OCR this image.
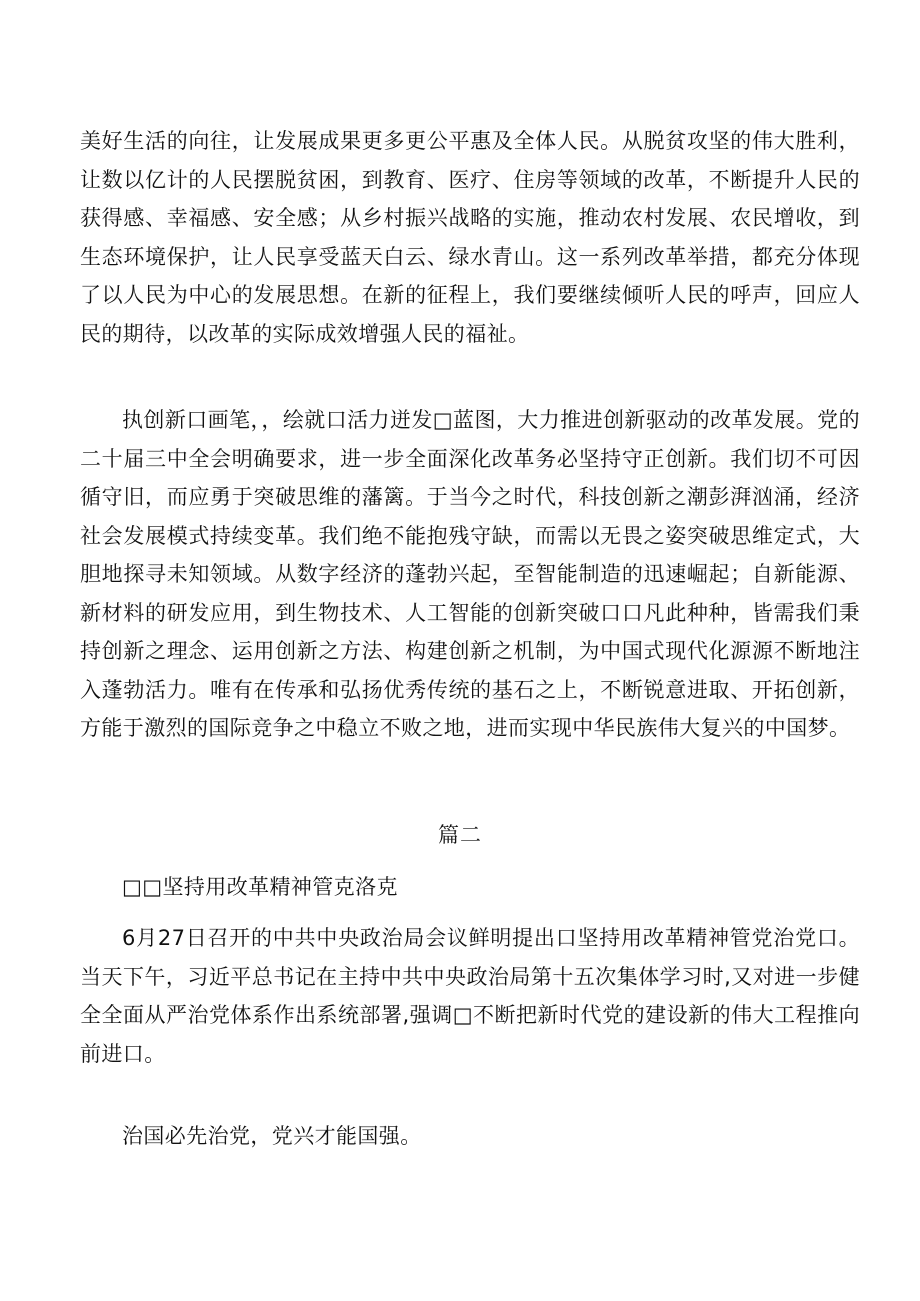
美好生活的向往，让发展成果更多更公平惠及全体人民。从脱贫攻坚的伟大胜利，让数以亿计的人民摆脱贫困，到教育、医疗、住房等领域的改革，不断提升人民的获得感、幸福感、安全感；从乡村振兴战略的实施，推动农村发展、农民增收，到生态环境保护，让人民享受蓝天白云、绿水青山。这一系列改革举措，都充分体现了以人民为中心的发展思想。在新的征程上，我们要继续倾听人民的呼声，回应人民的期待，以改革的实际成效增强人民的福祉。

执创新口画笔，，绘就口活力迸发□蓝图，大力推进创新驱动的改革发展。党的二十届三中全会明确要求，进一步全面深化改革务必坚持守正创新。我们切不可因循守旧，而应勇于突破思维的藩篱。于当今之时代，科技创新之潮彭湃汹涌，经济社会发展模式持续变革。我们绝不能抱残守缺，而需以无畏之姿突破思维定式，大胆地探寻未知领域。从数字经济的蓬勃兴起，至智能制造的迅速崛起；自新能源、新材料的研发应用，到生物技术、人工智能的创新突破口口凡此种种，皆需我们秉持创新之理念、运用创新之方法、构建创新之机制，为中国式现代化源源不断地注入蓬勃活力。唯有在传承和弘扬优秀传统的基石之上，不断锐意进取、开拓创新，方能于激烈的国际竞争之中稳立不败之地，进而实现中华民族伟大复兴的中国梦。

篇二

□□坚持用改革精神管克洛克

6月27日召开的中共中央政治局会议鲜明提出口坚持用改革精神管党治党口。当天下午，习近平总书记在主持中共中央政治局第十五次集体学习时,又对进一步健全全面从严治党体系作出系统部署,强调□不断把新时代党的建设新的伟大工程推向前进口。

治国必先治党，党兴才能国强。
